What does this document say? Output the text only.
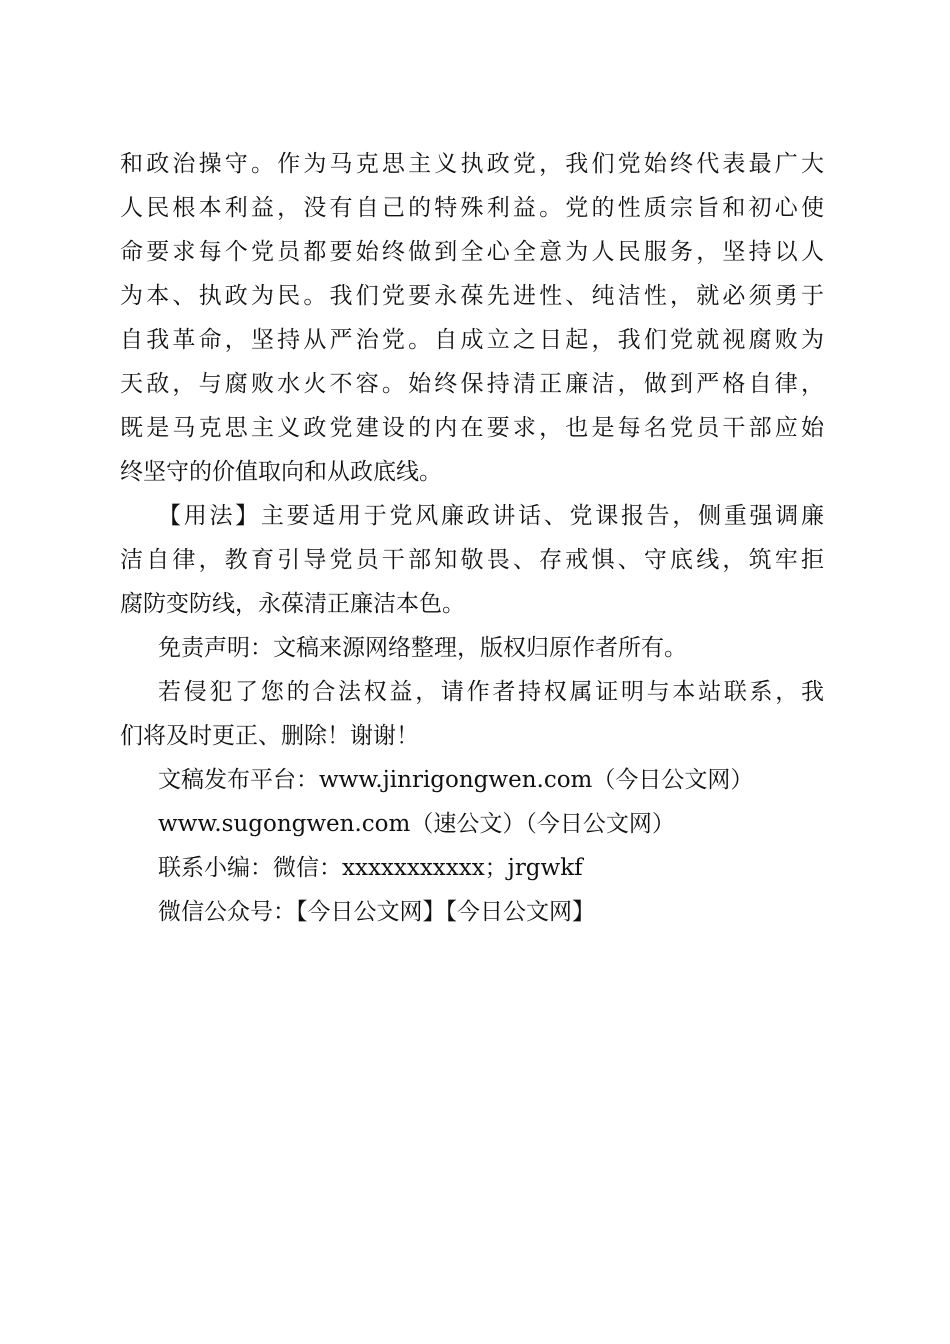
和政治操守。作为马克思主义执政党，我们党始终代表最广大
人民根本利益，没有自己的特殊利益。党的性质宗旨和初心使
命要求每个党员都要始终做到全心全意为人民服务，坚持以人
为本、执政为民。我们党要永葆先进性、纯洁性，就必须勇于
自我革命，坚持从严治党。自成立之日起，我们党就视腐败为
天敌，与腐败水火不容。始终保持清正廉洁，做到严格自律，
既是马克思主义政党建设的内在要求，也是每名党员干部应始
终坚守的价值取向和从政底线。
【用法】主要适用于党风廉政讲话、党课报告，侧重强调廉
洁自律，教育引导党员干部知敬畏、存戒惧、守底线，筑牢拒
腐防变防线，永葆清正廉洁本色。
免责声明：文稿来源网络整理，版权归原作者所有。
若侵犯了您的合法权益，请作者持权属证明与本站联系，我
们将及时更正、删除！谢谢！
文稿发布平台：www.jinrigongwen.com（今日公文网）
www.sugongwen.com（速公文）（今日公文网）
联系小编：微信：xxxxxxxxxxx；jrgwkf
微信公众号：【今日公文网】【今日公文网】
